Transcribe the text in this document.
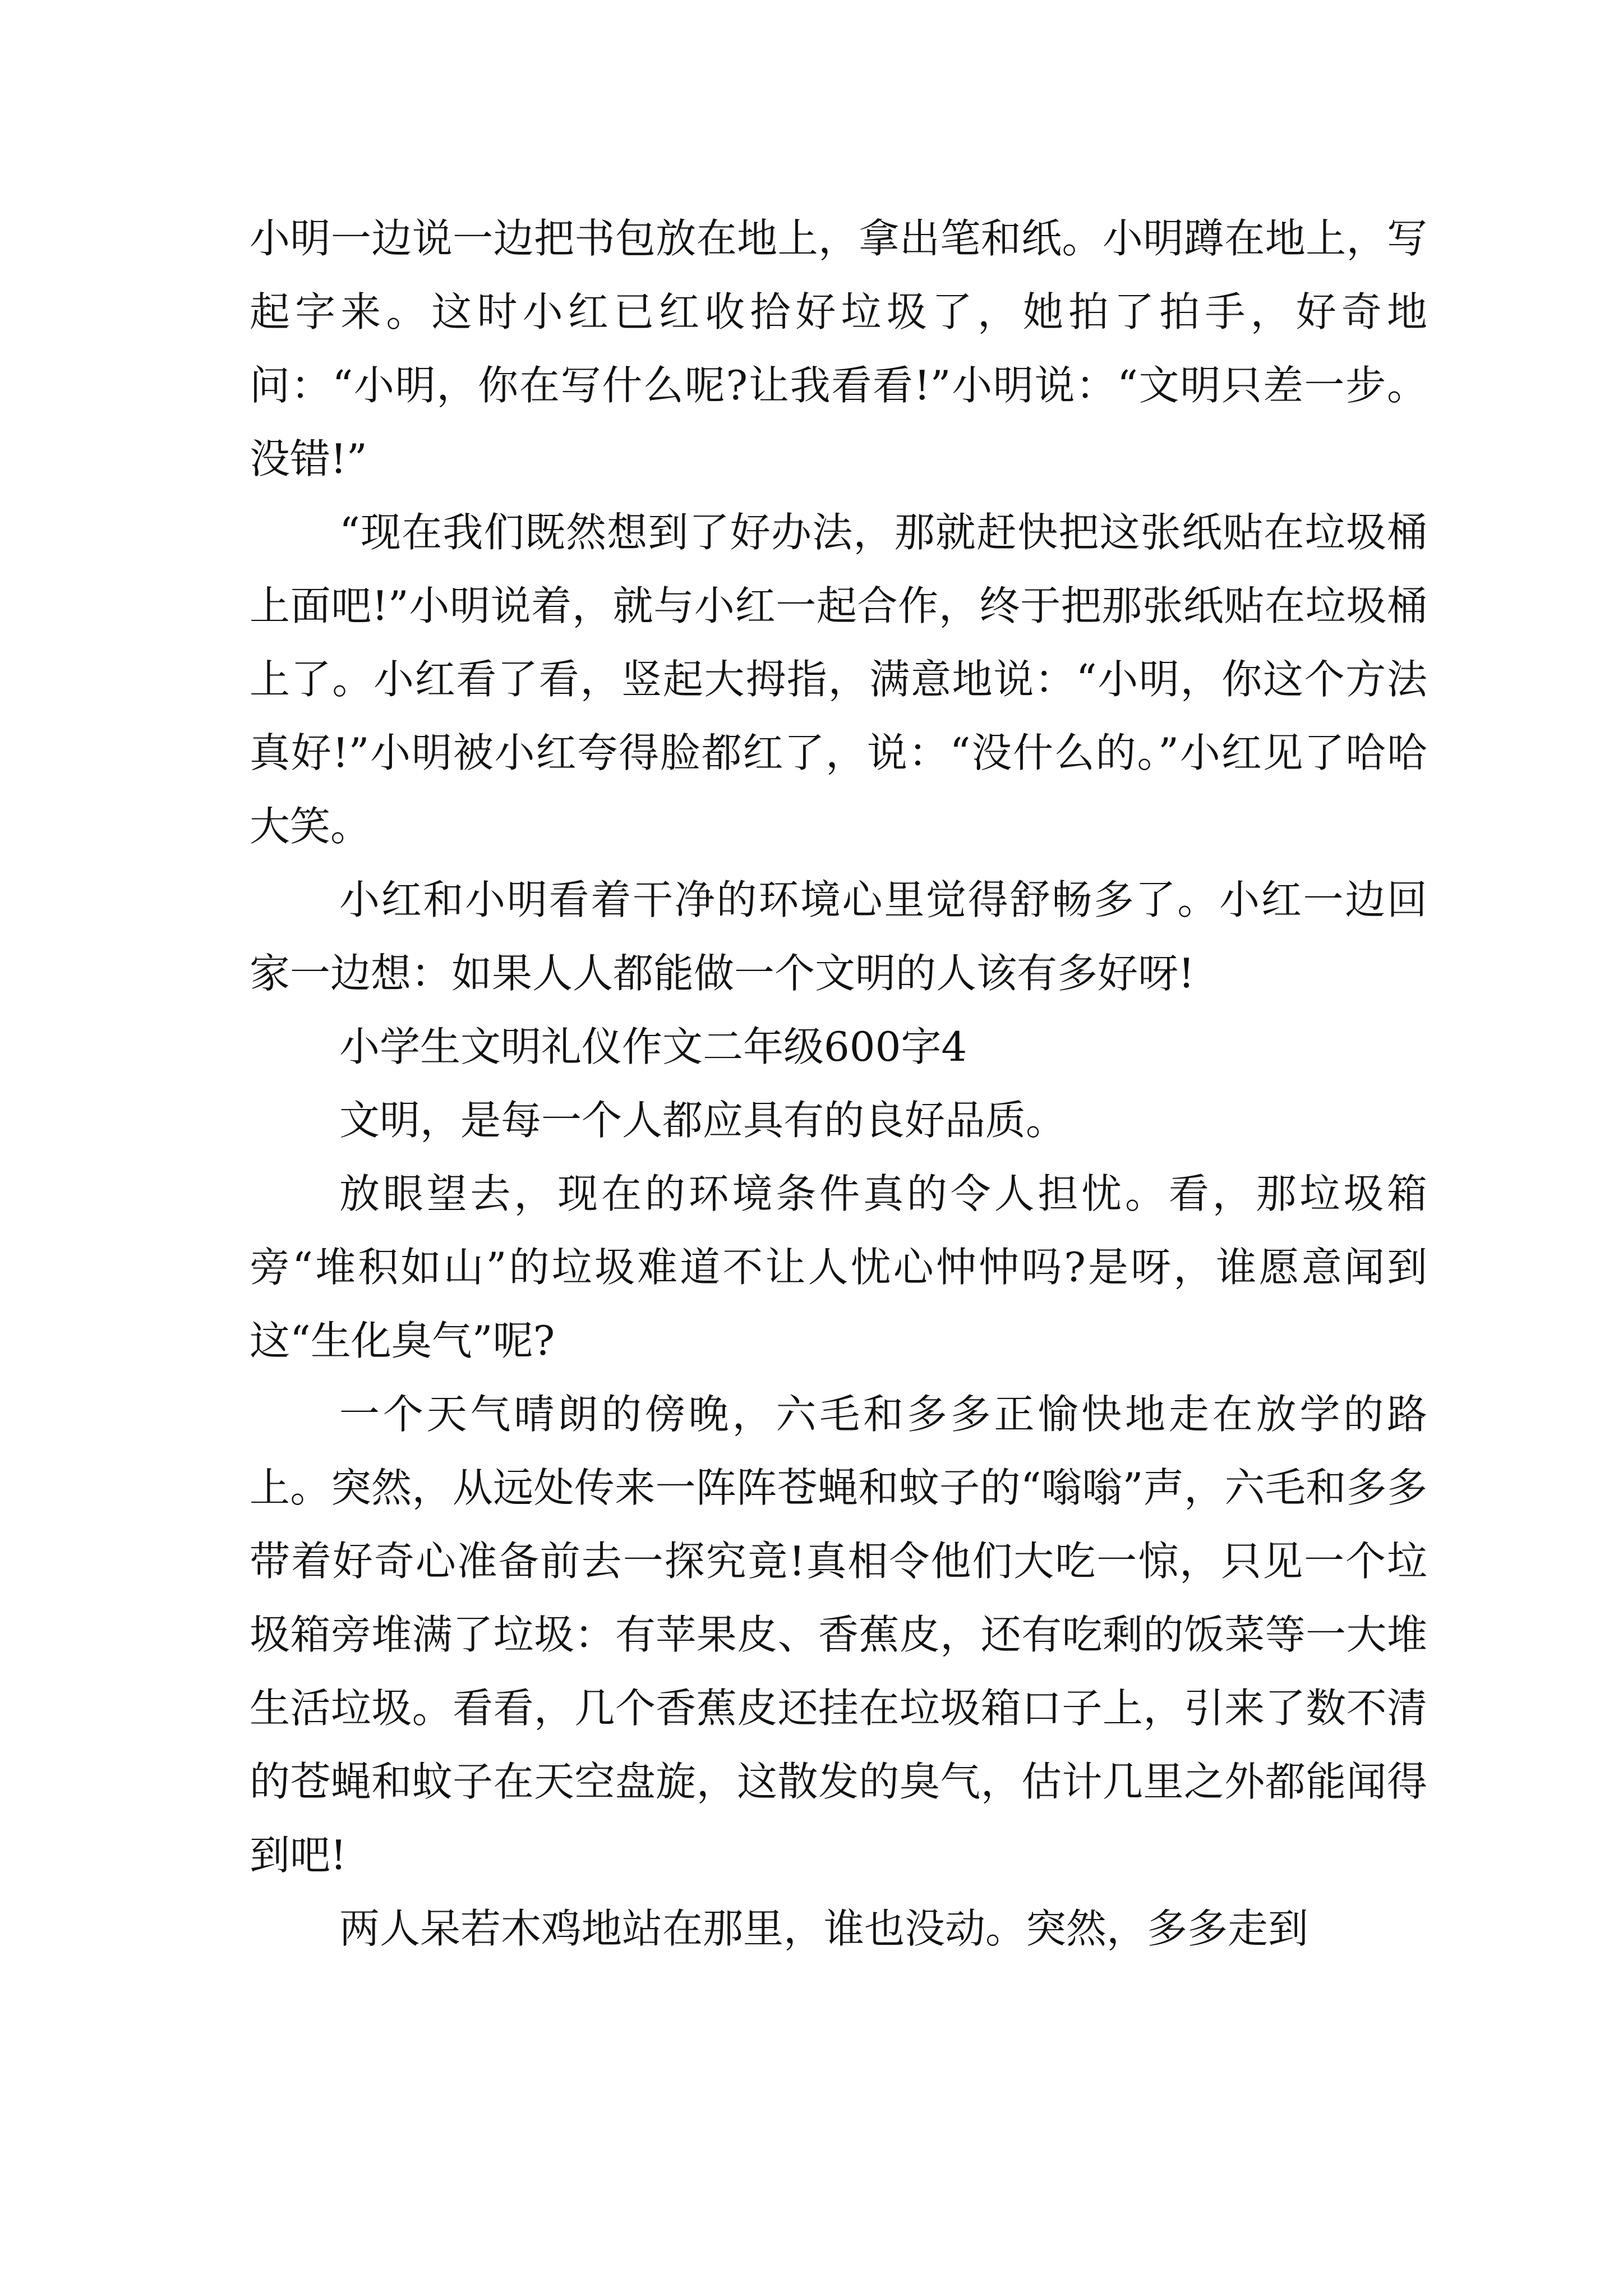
小明一边说一边把书包放在地上，拿出笔和纸。小明蹲在地上，写起字来。这时小红已红收拾好垃圾了，她拍了拍手，好奇地问：“小明，你在写什么呢?让我看看!”小明说：“文明只差一步。没错!”

“现在我们既然想到了好办法，那就赶快把这张纸贴在垃圾桶上面吧!”小明说着，就与小红一起合作，终于把那张纸贴在垃圾桶上了。小红看了看，竖起大拇指，满意地说：“小明，你这个方法真好!”小明被小红夸得脸都红了，说：“没什么的。”小红见了哈哈大笑。

小红和小明看着干净的环境心里觉得舒畅多了。小红一边回家一边想：如果人人都能做一个文明的人该有多好呀!

小学生文明礼仪作文二年级600字4

文明，是每一个人都应具有的良好品质。

放眼望去，现在的环境条件真的令人担忧。看，那垃圾箱旁“堆积如山”的垃圾难道不让人忧心忡忡吗?是呀，谁愿意闻到这“生化臭气”呢?

一个天气晴朗的傍晚，六毛和多多正愉快地走在放学的路上。突然，从远处传来一阵阵苍蝇和蚊子的“嗡嗡”声，六毛和多多带着好奇心准备前去一探究竟!真相令他们大吃一惊，只见一个垃圾箱旁堆满了垃圾：有苹果皮、香蕉皮，还有吃剩的饭菜等一大堆生活垃圾。看看，几个香蕉皮还挂在垃圾箱口子上，引来了数不清的苍蝇和蚊子在天空盘旋，这散发的臭气，估计几里之外都能闻得到吧!

两人呆若木鸡地站在那里，谁也没动。突然，多多走到
